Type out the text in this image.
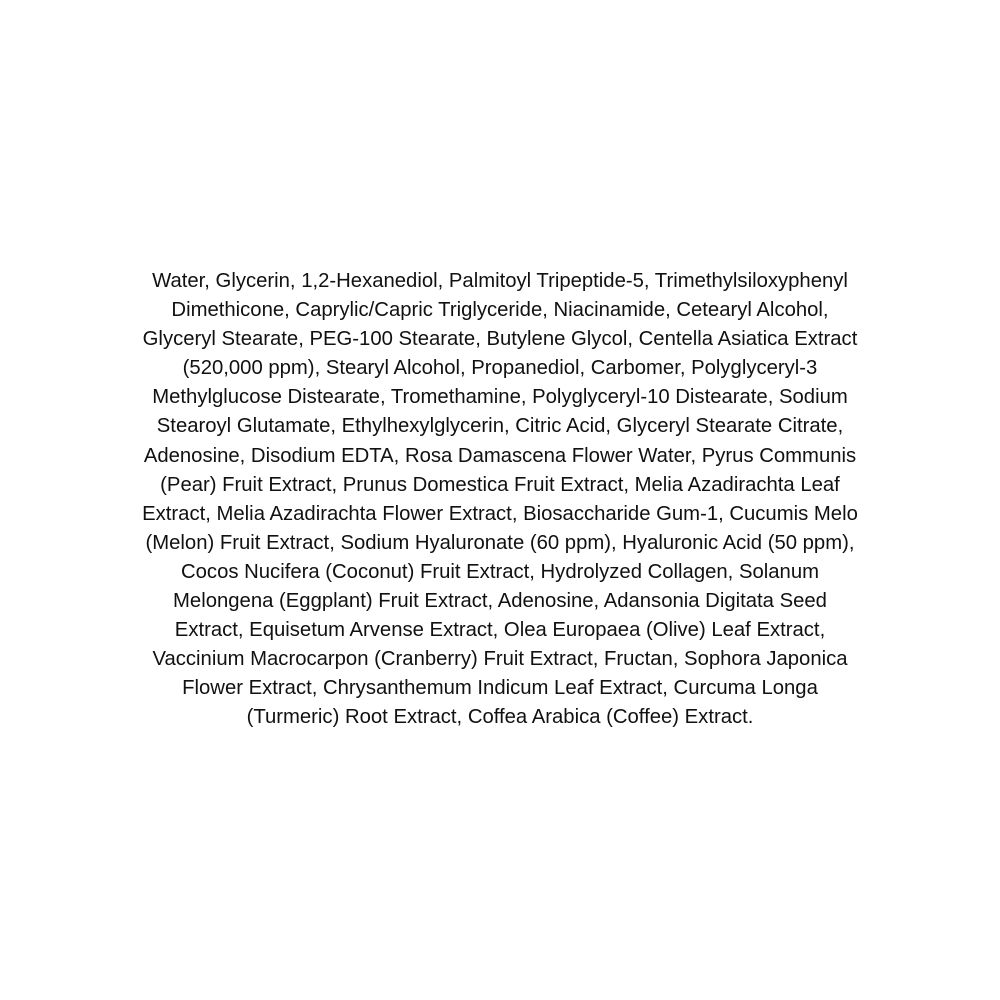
Water, Glycerin, 1,2-Hexanediol, Palmitoyl Tripeptide-5, Trimethylsiloxyphenyl
Dimethicone, Caprylic/Capric Triglyceride, Niacinamide, Cetearyl Alcohol,
Glyceryl Stearate, PEG-100 Stearate, Butylene Glycol, Centella Asiatica Extract
(520,000 ppm), Stearyl Alcohol, Propanediol, Carbomer, Polyglyceryl-3
Methylglucose Distearate, Tromethamine, Polyglyceryl-10 Distearate, Sodium
Stearoyl Glutamate, Ethylhexylglycerin, Citric Acid, Glyceryl Stearate Citrate,
Adenosine, Disodium EDTA, Rosa Damascena Flower Water, Pyrus Communis
(Pear) Fruit Extract, Prunus Domestica Fruit Extract, Melia Azadirachta Leaf
Extract, Melia Azadirachta Flower Extract, Biosaccharide Gum-1, Cucumis Melo
(Melon) Fruit Extract, Sodium Hyaluronate (60 ppm), Hyaluronic Acid (50 ppm),
Cocos Nucifera (Coconut) Fruit Extract, Hydrolyzed Collagen, Solanum
Melongena (Eggplant) Fruit Extract, Adenosine, Adansonia Digitata Seed
Extract, Equisetum Arvense Extract, Olea Europaea (Olive) Leaf Extract,
Vaccinium Macrocarpon (Cranberry) Fruit Extract, Fructan, Sophora Japonica
Flower Extract, Chrysanthemum Indicum Leaf Extract, Curcuma Longa
(Turmeric) Root Extract, Coffea Arabica (Coffee) Extract.
